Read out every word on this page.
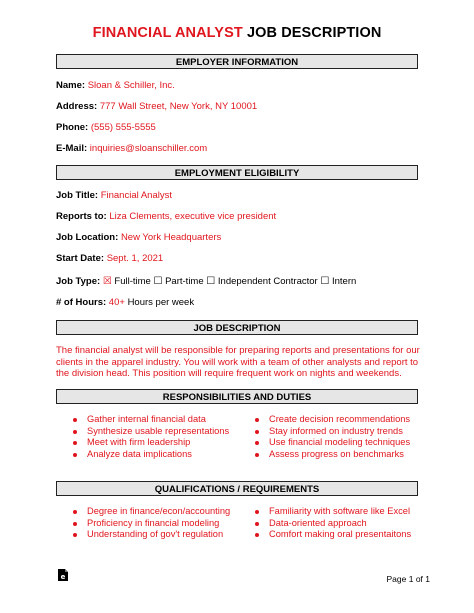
FINANCIAL ANALYST JOB DESCRIPTION
EMPLOYER INFORMATION
Name: Sloan & Schiller, Inc.
Address: 777 Wall Street, New York, NY 10001
Phone: (555) 555-5555
E-Mail: inquiries@sloanschiller.com
EMPLOYMENT ELIGIBILITY
Job Title: Financial Analyst
Reports to: Liza Clements, executive vice president
Job Location: New York Headquarters
Start Date: Sept. 1, 2021
Job Type: ☒ Full-time ☐ Part-time ☐ Independent Contractor ☐ Intern
# of Hours: 40+ Hours per week
JOB DESCRIPTION
The financial analyst will be responsible for preparing reports and presentations for our clients in the apparel industry. You will work with a team of other analysts and report to the division head. This position will require frequent work on nights and weekends.
RESPONSIBILITIES AND DUTIES
Gather internal financial data
Synthesize usable representations
Meet with firm leadership
Analyze data implications
Create decision recommendations
Stay informed on industry trends
Use financial modeling techniques
Assess progress on benchmarks
QUALIFICATIONS / REQUIREMENTS
Degree in finance/econ/accounting
Proficiency in financial modeling
Understanding of gov't regulation
Familiarity with software like Excel
Data-oriented approach
Comfort making oral presentaitons
e	Page 1 of 1
